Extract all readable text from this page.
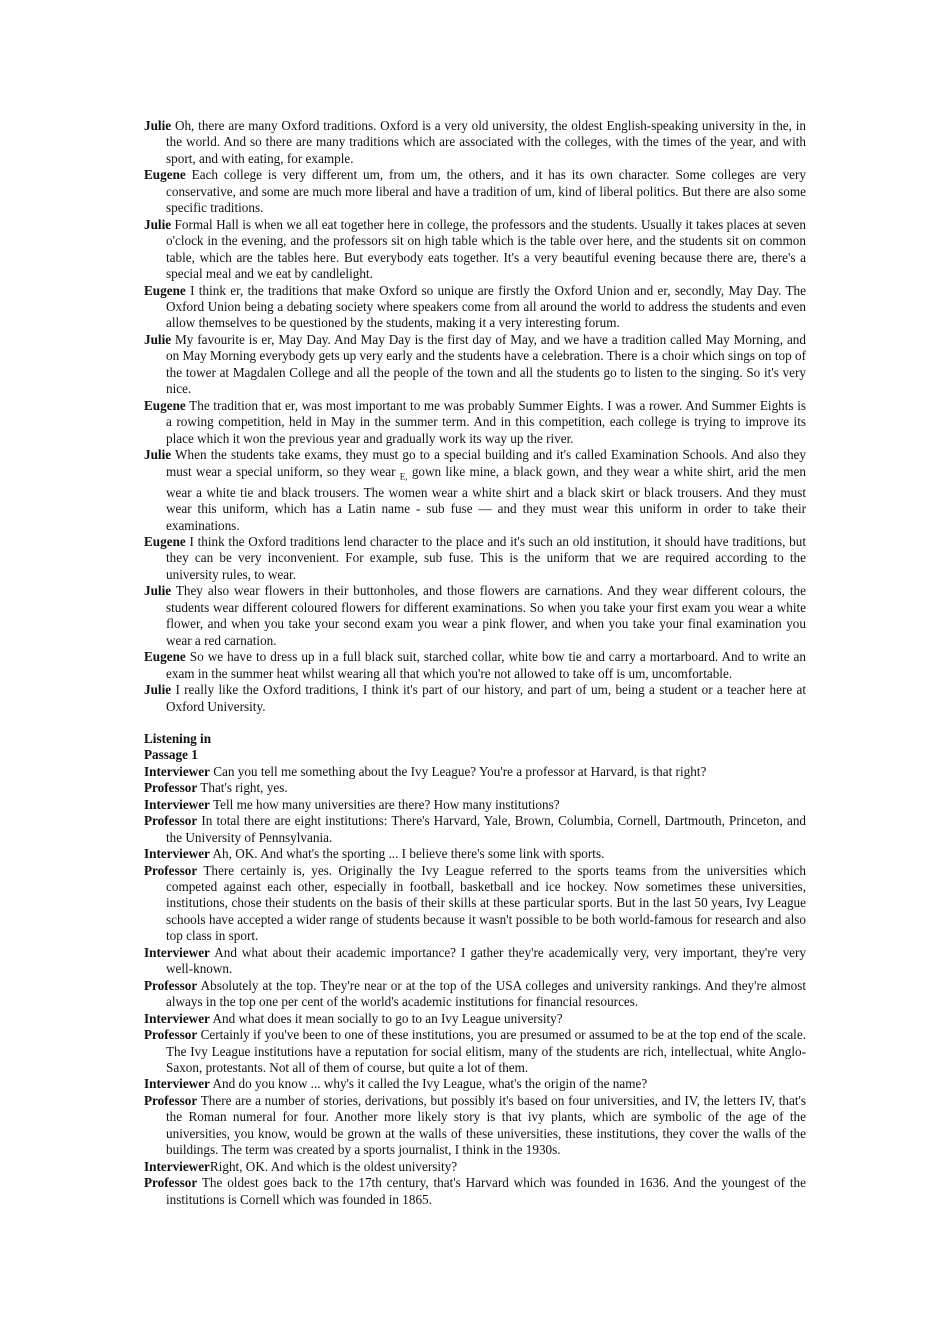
Julie Oh, there are many Oxford traditions. Oxford is a very old university, the oldest English-speaking university in the, in the world. And so there are many traditions which are associated with the colleges, with the times of the year, and with sport, and with eating, for example.

Eugene Each college is very different um, from um, the others, and it has its own character. Some colleges are very conservative, and some are much more liberal and have a tradition of um, kind of liberal politics. But there are also some specific traditions.

Julie Formal Hall is when we all eat together here in college, the professors and the students. Usually it takes places at seven o'clock in the evening, and the professors sit on high table which is the table over here, and the students sit on common table, which are the tables here. But everybody eats together. It's a very beautiful evening because there are, there's a special meal and we eat by candlelight.

Eugene I think er, the traditions that make Oxford so unique are firstly the Oxford Union and er, secondly, May Day. The Oxford Union being a debating society where speakers come from all around the world to address the students and even allow themselves to be questioned by the students, making it a very interesting forum.

Julie My favourite is er, May Day. And May Day is the first day of May, and we have a tradition called May Morning, and on May Morning everybody gets up very early and the students have a celebration. There is a choir which sings on top of the tower at Magdalen College and all the people of the town and all the students go to listen to the singing. So it's very nice.

Eugene The tradition that er, was most important to me was probably Summer Eights. I was a rower. And Summer Eights is a rowing competition, held in May in the summer term. And in this competition, each college is trying to improve its place which it won the previous year and gradually work its way up the river.

Julie When the students take exams, they must go to a special building and it's called Examination Schools. And also they must wear a special uniform, so they wear $_{E,}$ gown like mine, a black gown, and they wear a white shirt, arid the men wear a white tie and black trousers. The women wear a white shirt and a black skirt or black trousers. And they must wear this uniform, which has a Latin name - sub fuse — and they must wear this uniform in order to take their examinations.

Eugene I think the Oxford traditions lend character to the place and it's such an old institution, it should have traditions, but they can be very inconvenient. For example, sub fuse. This is the uniform that we are required according to the university rules, to wear.

Julie They also wear flowers in their buttonholes, and those flowers are carnations. And they wear different colours, the students wear different coloured flowers for different examinations. So when you take your first exam you wear a white flower, and when you take your second exam you wear a pink flower, and when you take your final examination you wear a red carnation.

Eugene So we have to dress up in a full black suit, starched collar, white bow tie and carry a mortarboard. And to write an exam in the summer heat whilst wearing all that which you're not allowed to take off is um, uncomfortable.

Julie I really like the Oxford traditions, I think it's part of our history, and part of um, being a student or a teacher here at Oxford University.

Listening in

Passage 1

Interviewer Can you tell me something about the Ivy League? You're a professor at Harvard, is that right?

Professor That's right, yes.

Interviewer Tell me how many universities are there? How many institutions?

Professor In total there are eight institutions: There's Harvard, Yale, Brown, Columbia, Cornell, Dartmouth, Princeton, and the University of Pennsylvania.

Interviewer Ah, OK. And what's the sporting ... I believe there's some link with sports.

Professor There certainly is, yes. Originally the Ivy League referred to the sports teams from the universities which competed against each other, especially in football, basketball and ice hockey. Now sometimes these universities, institutions, chose their students on the basis of their skills at these particular sports. But in the last 50 years, Ivy League schools have accepted a wider range of students because it wasn't possible to be both world-famous for research and also top class in sport.

Interviewer And what about their academic importance? I gather they're academically very, very important, they're very well-known.

Professor Absolutely at the top. They're near or at the top of the USA colleges and university rankings. And they're almost always in the top one per cent of the world's academic institutions for financial resources.

Interviewer And what does it mean socially to go to an Ivy League university?

Professor Certainly if you've been to one of these institutions, you are presumed or assumed to be at the top end of the scale. The Ivy League institutions have a reputation for social elitism, many of the students are rich, intellectual, white Anglo-Saxon, protestants. Not all of them of course, but quite a lot of them.

Interviewer And do you know ... why's it called the Ivy League, what's the origin of the name?

Professor There are a number of stories, derivations, but possibly it's based on four universities, and IV, the letters IV, that's the Roman numeral for four. Another more likely story is that ivy plants, which are symbolic of the age of the universities, you know, would be grown at the walls of these universities, these institutions, they cover the walls of the buildings. The term was created by a sports journalist, I think in the 1930s.

InterviewerRight, OK. And which is the oldest university?

Professor The oldest goes back to the 17th century, that's Harvard which was founded in 1636. And the youngest of the institutions is Cornell which was founded in 1865.
